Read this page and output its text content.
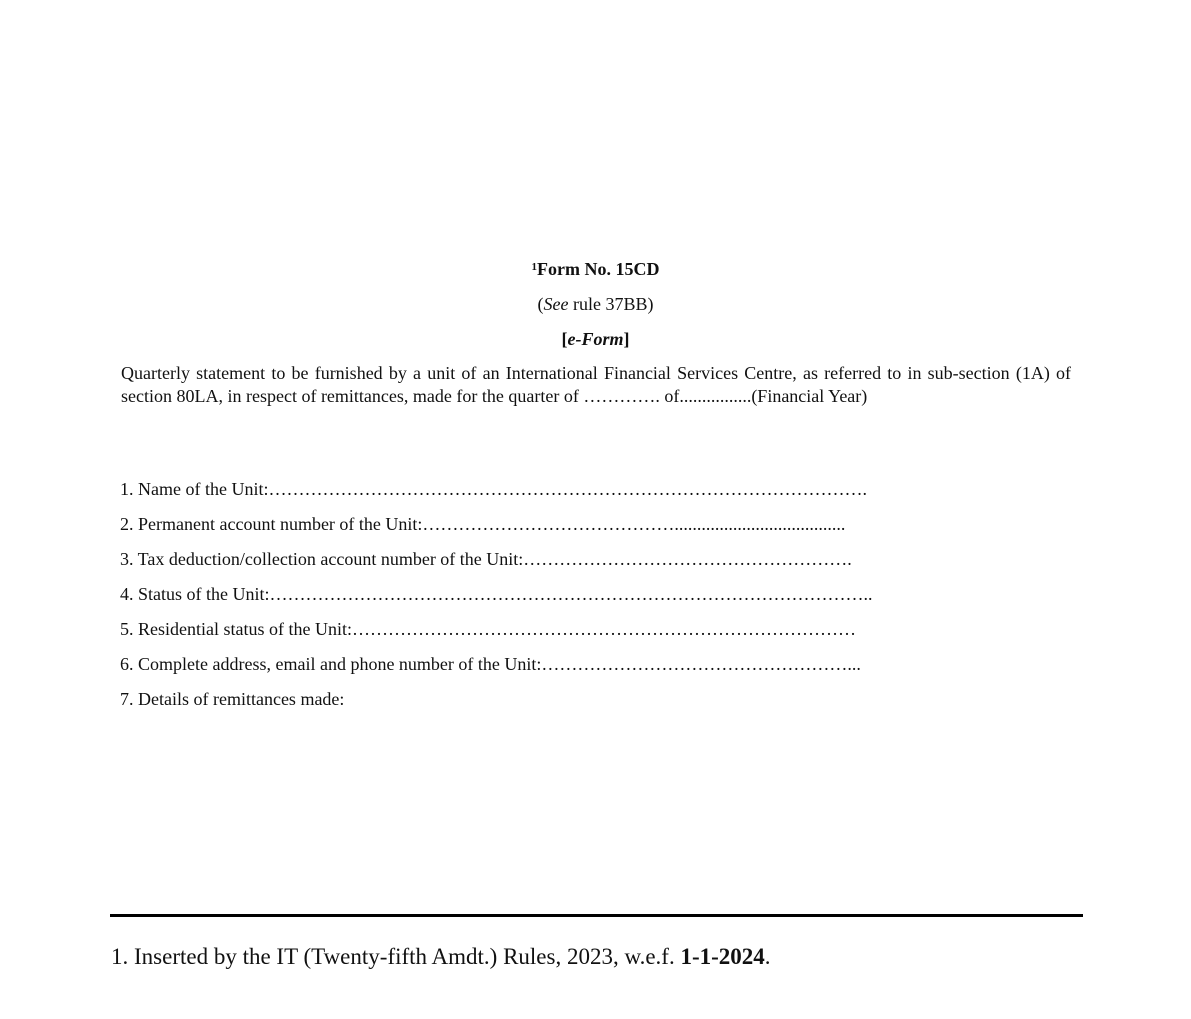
$^1$Form No. 15CD
(See rule 37BB)
[e-Form]
Quarterly statement to be furnished by a unit of an International Financial Services Centre, as referred to in sub-section (1A) of section 80LA, in respect of remittances, made for the quarter of …………. of................(Financial Year)
1. Name of the Unit:……………………………………………………………………………………….
2. Permanent account number of the Unit:……………………………………......................................
3. Tax deduction/collection account number of the Unit:……………………………………………….
4. Status of the Unit:………………………………………………………………………………………..
5. Residential status of the Unit:…………………………………………………………………………
6. Complete address, email and phone number of the Unit:……………………………………………...
7. Details of remittances made:
1. Inserted by the IT (Twenty-fifth Amdt.) Rules, 2023, w.e.f. 1-1-2024.
